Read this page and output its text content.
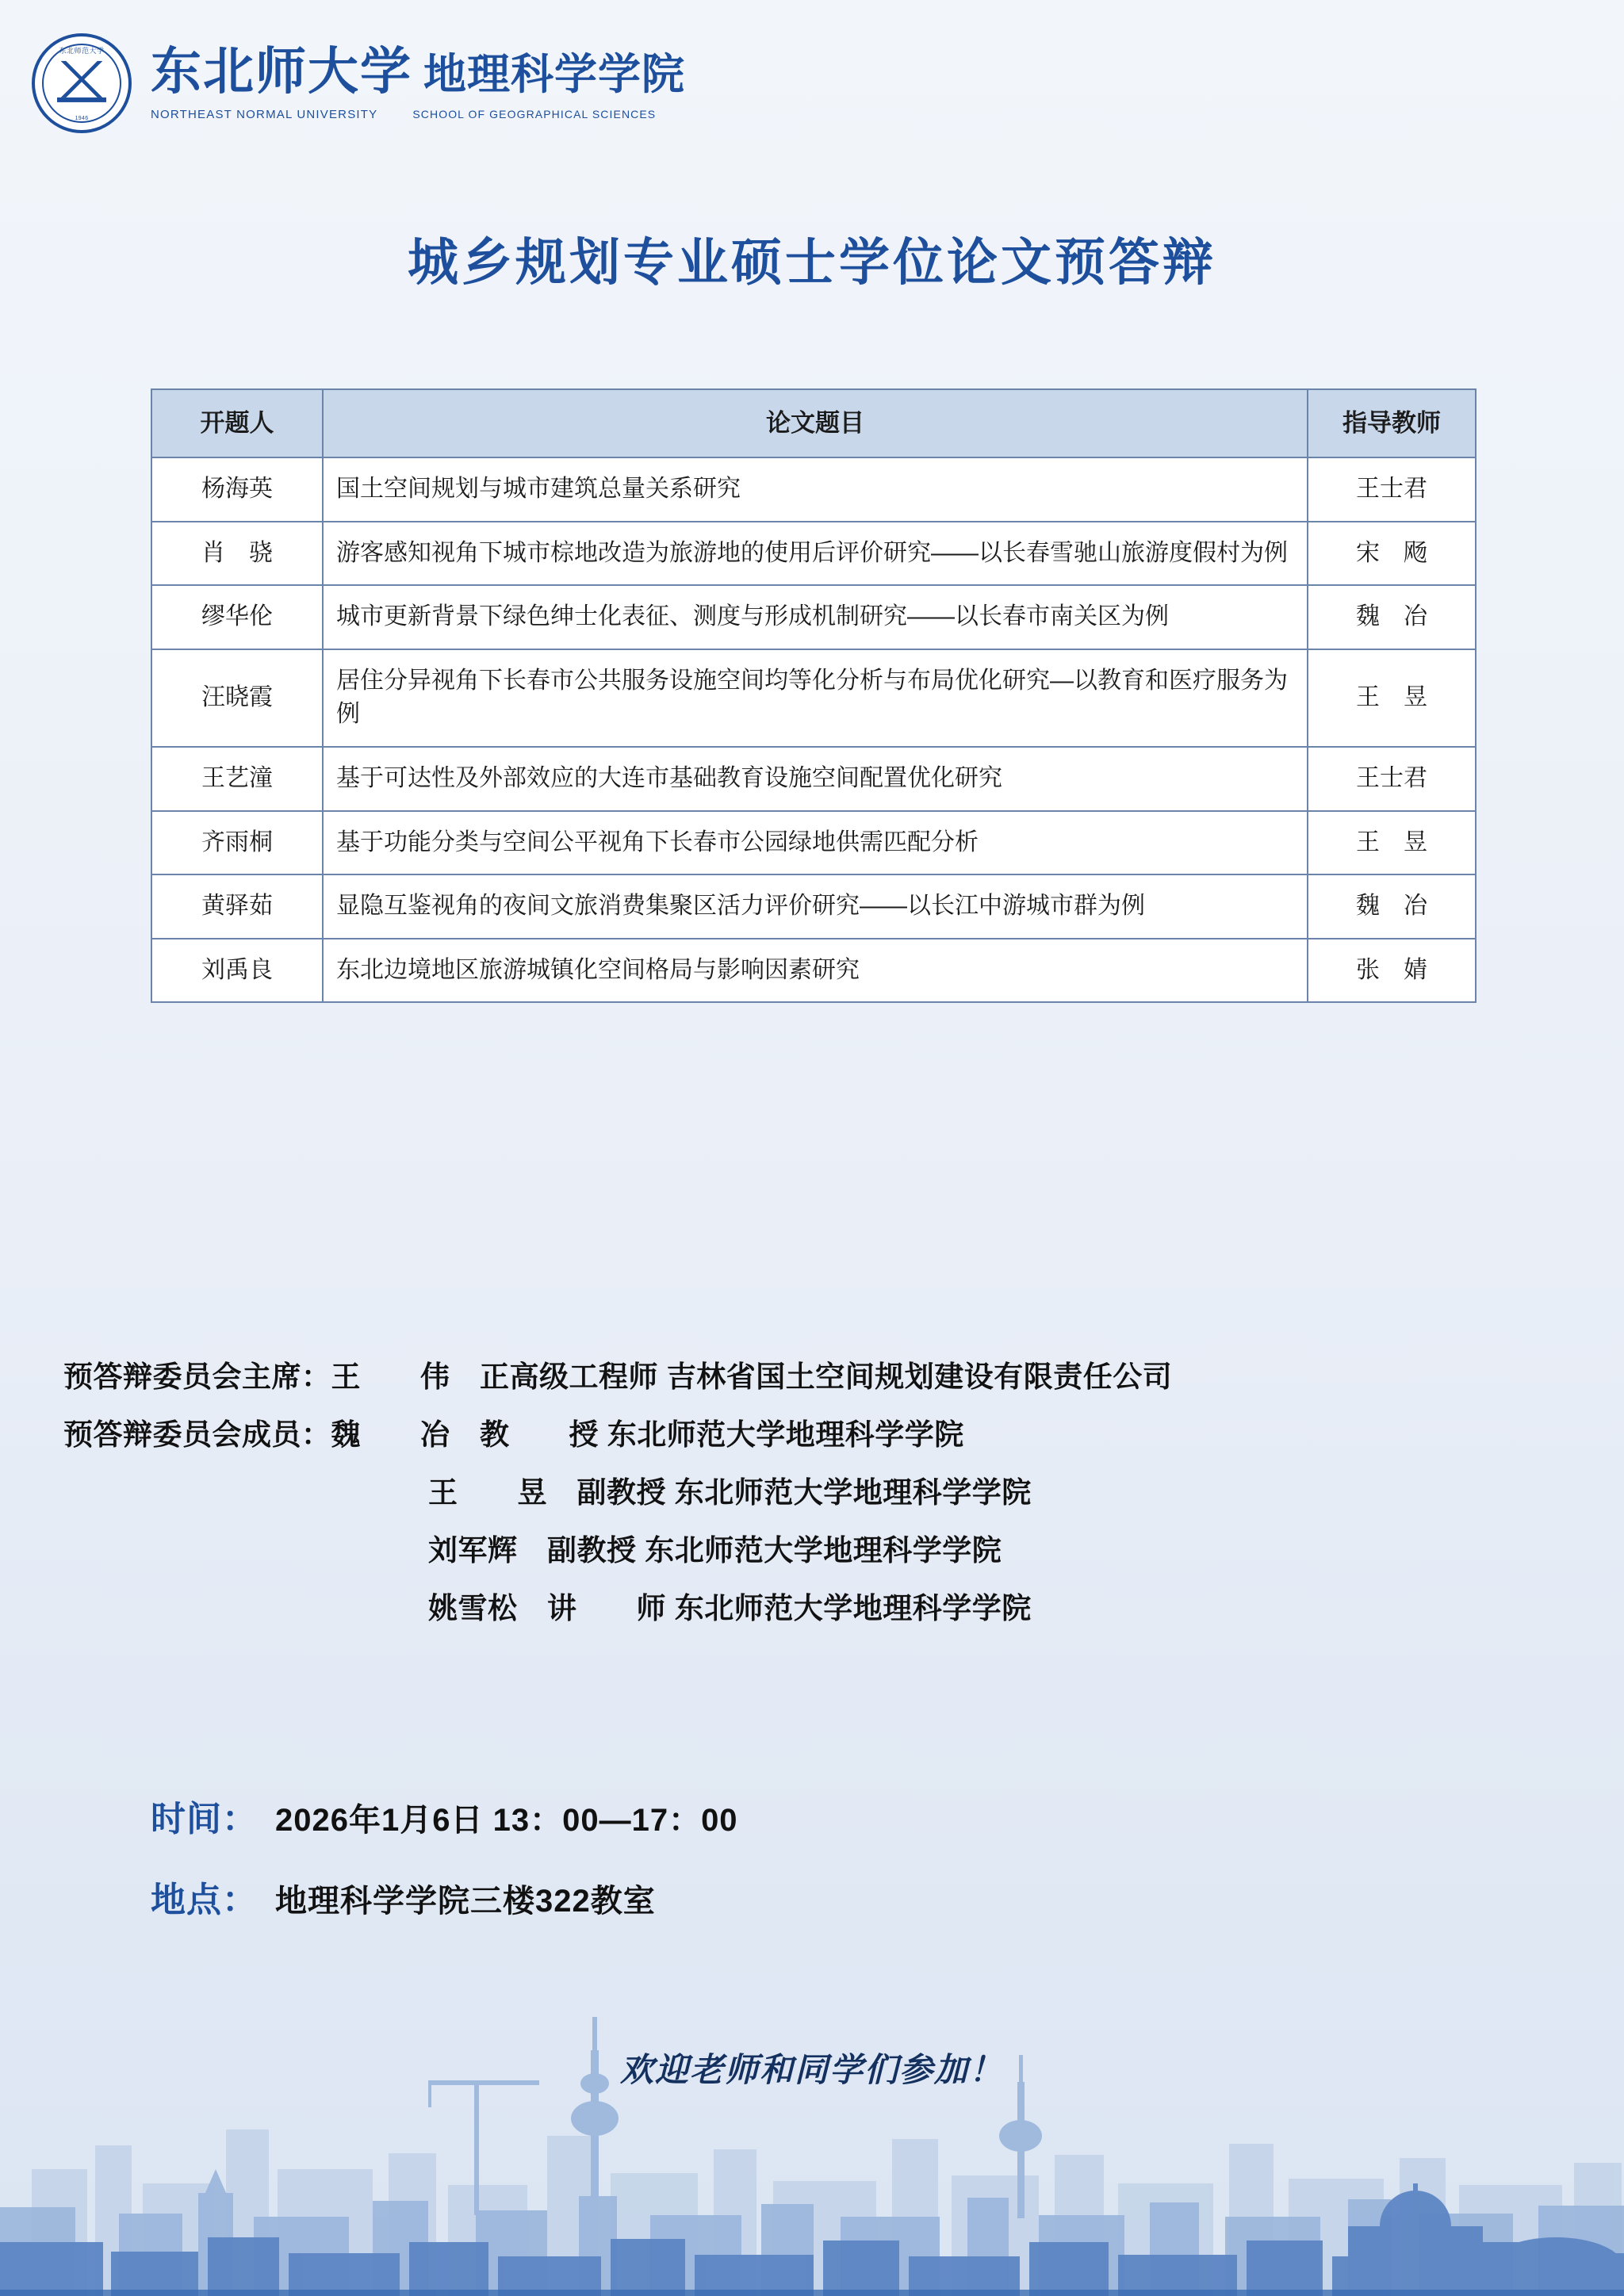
东北师范大学
1946
东北师大学 地理科学学院
NORTHEAST NORMAL UNIVERSITY	SCHOOL OF GEOGRAPHICAL SCIENCES
城乡规划专业硕士学位论文预答辩
开题人	论文题目	指导教师
杨海英	国土空间规划与城市建筑总量关系研究	王士君
肖　骁	游客感知视角下城市棕地改造为旅游地的使用后评价研究——以长春雪驰山旅游度假村为例	宋　飏
缪华伦	城市更新背景下绿色绅士化表征、测度与形成机制研究——以长春市南关区为例	魏　冶
汪晓霞	居住分异视角下长春市公共服务设施空间均等化分析与布局优化研究—以教育和医疗服务为例	王　昱
王艺潼	基于可达性及外部效应的大连市基础教育设施空间配置优化研究	王士君
齐雨桐	基于功能分类与空间公平视角下长春市公园绿地供需匹配分析	王　昱
黄驿茹	显隐互鉴视角的夜间文旅消费集聚区活力评价研究——以长江中游城市群为例	魏　冶
刘禹良	东北边境地区旅游城镇化空间格局与影响因素研究	张　婧
预答辩委员会主席：王　　伟　正高级工程师 吉林省国土空间规划建设有限责任公司
预答辩委员会成员：魏　　冶　教　　授 东北师范大学地理科学学院
王　　昱　副教授 东北师范大学地理科学学院
刘军辉　副教授 东北师范大学地理科学学院
姚雪松　讲　　师 东北师范大学地理科学学院
时间： 2026年1月6日 13：00—17：00
地点： 地理科学学院三楼322教室
欢迎老师和同学们参加！
